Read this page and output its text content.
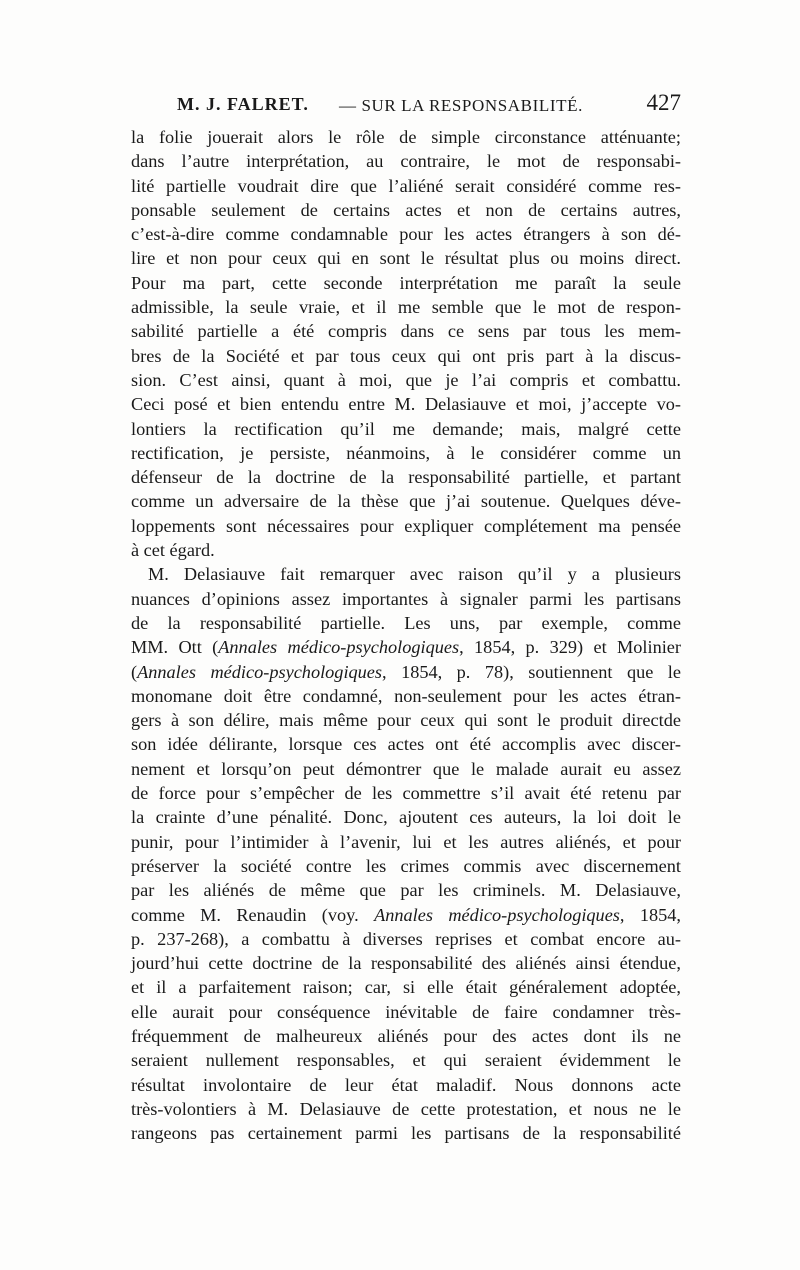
M. J. FALRET. — SUR LA RESPONSABILITÉ.	427
la folie jouerait alors le rôle de simple circonstance atténuante;
dans l’autre interprétation, au contraire, le mot de responsabi-
lité partielle voudrait dire que l’aliéné serait considéré comme res-
ponsable seulement de certains actes et non de certains autres,
c’est-à-dire comme condamnable pour les actes étrangers à son dé-
lire et non pour ceux qui en sont le résultat plus ou moins direct.
Pour ma part, cette seconde interprétation me paraît la seule
admissible, la seule vraie, et il me semble que le mot de respon-
sabilité partielle a été compris dans ce sens par tous les mem-
bres de la Société et par tous ceux qui ont pris part à la discus-
sion. C’est ainsi, quant à moi, que je l’ai compris et combattu.
Ceci posé et bien entendu entre M. Delasiauve et moi, j’accepte vo-
lontiers la rectification qu’il me demande; mais, malgré cette
rectification, je persiste, néanmoins, à le considérer comme un
défenseur de la doctrine de la responsabilité partielle, et partant
comme un adversaire de la thèse que j’ai soutenue. Quelques déve-
loppements sont nécessaires pour expliquer complétement ma pensée
à cet égard.
M. Delasiauve fait remarquer avec raison qu’il y a plusieurs
nuances d’opinions assez importantes à signaler parmi les partisans
de la responsabilité partielle. Les uns, par exemple, comme
MM. Ott (Annales médico-psychologiques, 1854, p. 329) et Molinier
(Annales médico-psychologiques, 1854, p. 78), soutiennent que le
monomane doit être condamné, non-seulement pour les actes étran-
gers à son délire, mais même pour ceux qui sont le produit directde
son idée délirante, lorsque ces actes ont été accomplis avec discer-
nement et lorsqu’on peut démontrer que le malade aurait eu assez
de force pour s’empêcher de les commettre s’il avait été retenu par
la crainte d’une pénalité. Donc, ajoutent ces auteurs, la loi doit le
punir, pour l’intimider à l’avenir, lui et les autres aliénés, et pour
préserver la société contre les crimes commis avec discernement
par les aliénés de même que par les criminels. M. Delasiauve,
comme M. Renaudin (voy. Annales médico-psychologiques, 1854,
p. 237-268), a combattu à diverses reprises et combat encore au-
jourd’hui cette doctrine de la responsabilité des aliénés ainsi étendue,
et il a parfaitement raison; car, si elle était généralement adoptée,
elle aurait pour conséquence inévitable de faire condamner très-
fréquemment de malheureux aliénés pour des actes dont ils ne
seraient nullement responsables, et qui seraient évidemment le
résultat involontaire de leur état maladif. Nous donnons acte
très-volontiers à M. Delasiauve de cette protestation, et nous ne le
rangeons pas certainement parmi les partisans de la responsabilité
